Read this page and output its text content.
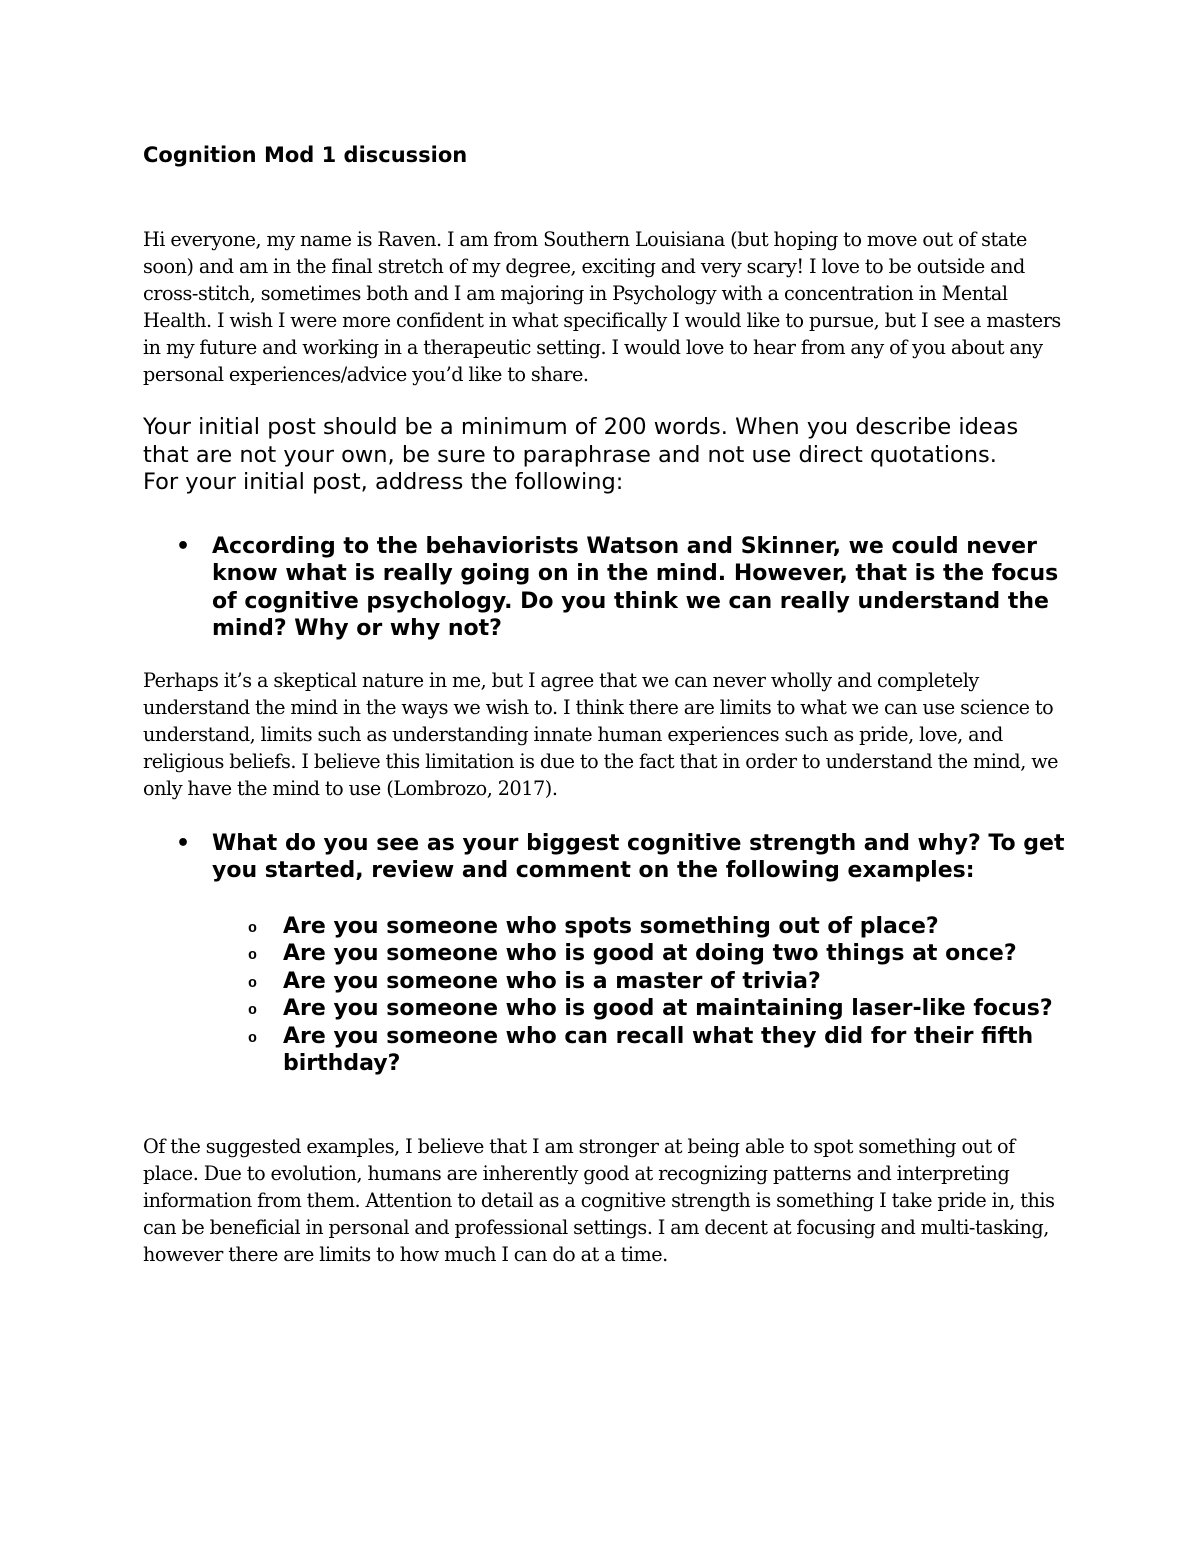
Cognition Mod 1 discussion

Hi everyone, my name is Raven. I am from Southern Louisiana (but hoping to move out of state soon) and am in the final stretch of my degree, exciting and very scary! I love to be outside and cross-stitch, sometimes both and I am majoring in Psychology with a concentration in Mental Health. I wish I were more confident in what specifically I would like to pursue, but I see a masters in my future and working in a therapeutic setting. I would love to hear from any of you about any personal experiences/advice you’d like to share.

Your initial post should be a minimum of 200 words. When you describe ideas that are not your own, be sure to paraphrase and not use direct quotations.

For your initial post, address the following:

• According to the behaviorists Watson and Skinner, we could never know what is really going on in the mind. However, that is the focus of cognitive psychology. Do you think we can really understand the mind? Why or why not?

Perhaps it’s a skeptical nature in me, but I agree that we can never wholly and completely understand the mind in the ways we wish to. I think there are limits to what we can use science to understand, limits such as understanding innate human experiences such as pride, love, and religious beliefs. I believe this limitation is due to the fact that in order to understand the mind, we only have the mind to use (Lombrozo, 2017).

• What do you see as your biggest cognitive strength and why? To get you started, review and comment on the following examples:
o Are you someone who spots something out of place?
o Are you someone who is good at doing two things at once?
o Are you someone who is a master of trivia?
o Are you someone who is good at maintaining laser-like focus?
o Are you someone who can recall what they did for their fifth birthday?

Of the suggested examples, I believe that I am stronger at being able to spot something out of place. Due to evolution, humans are inherently good at recognizing patterns and interpreting information from them. Attention to detail as a cognitive strength is something I take pride in, this can be beneficial in personal and professional settings. I am decent at focusing and multi-tasking, however there are limits to how much I can do at a time.
